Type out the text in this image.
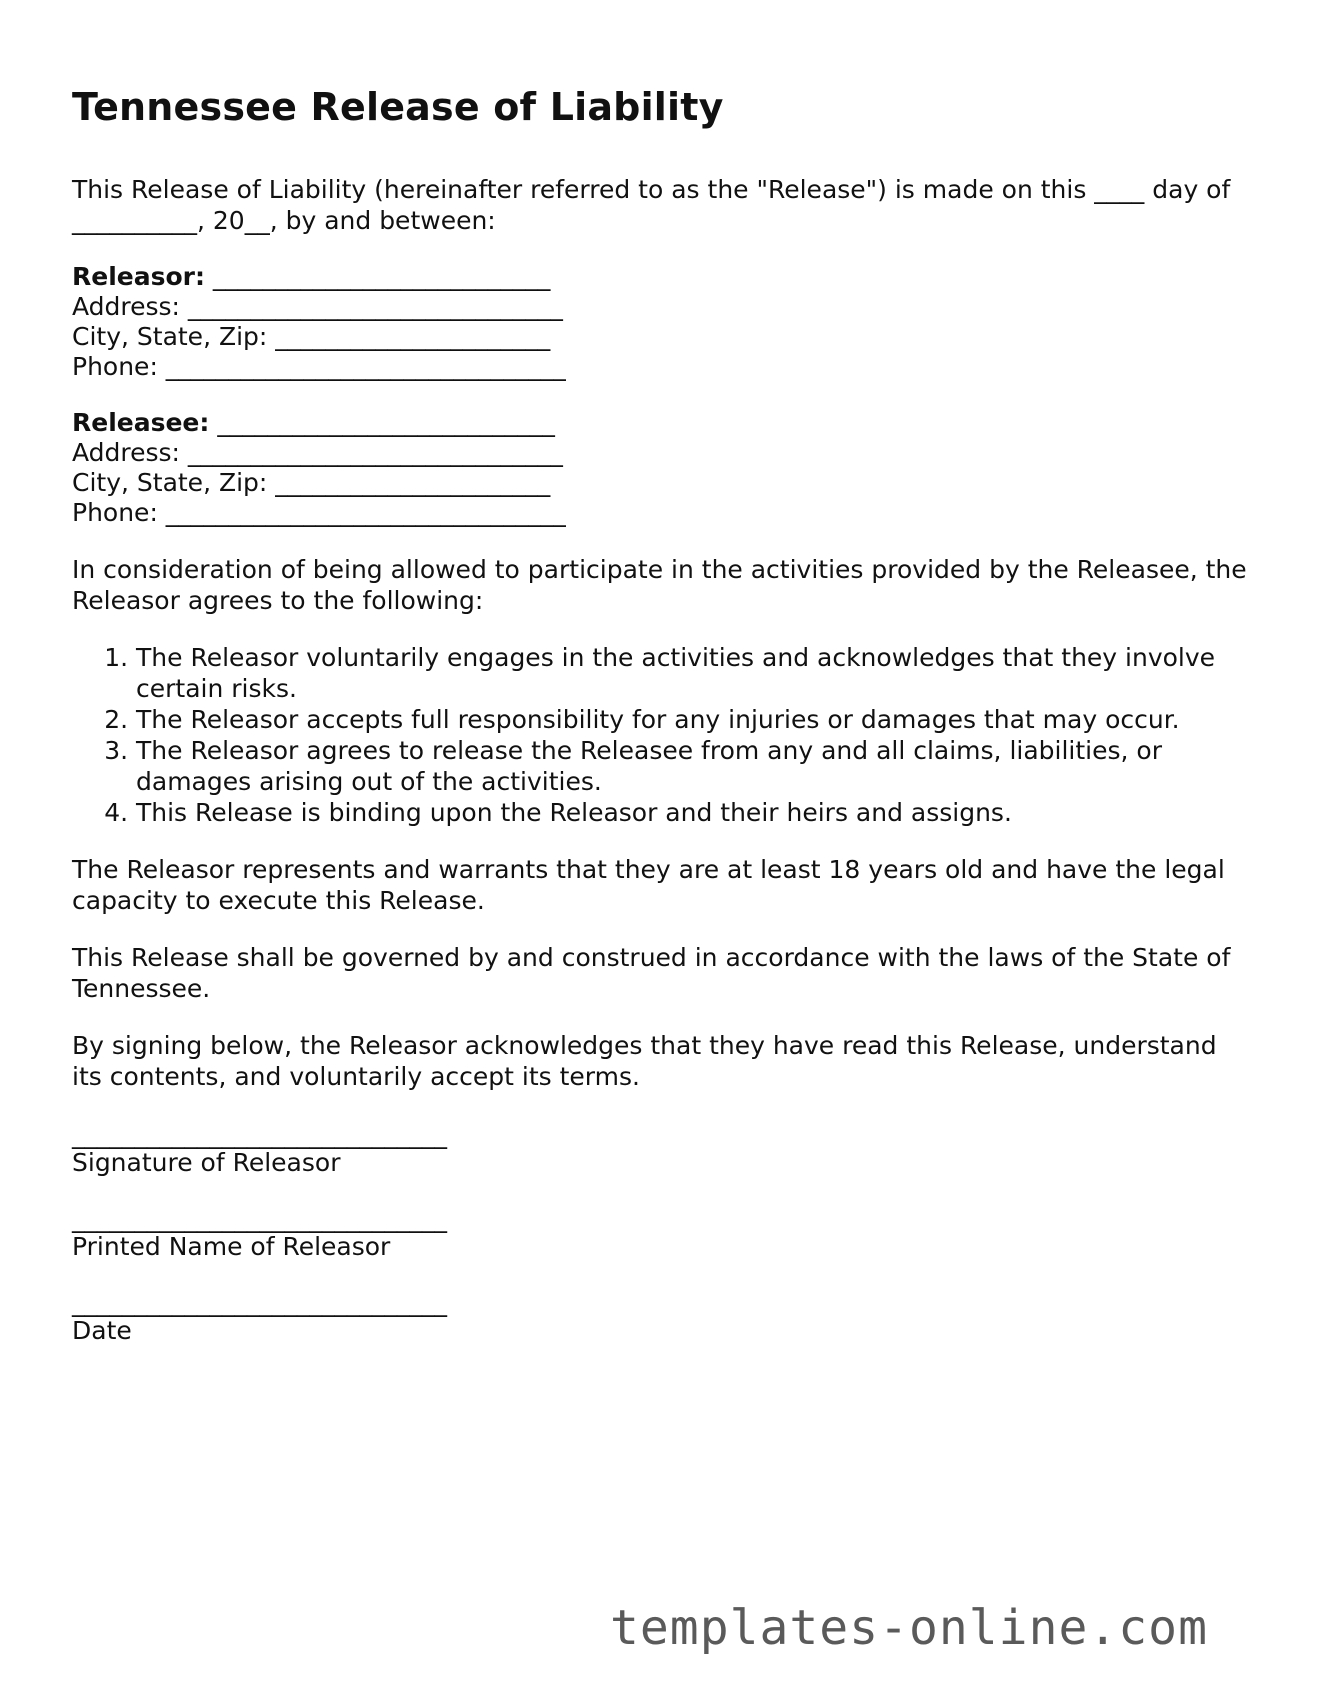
Tennessee Release of Liability

This Release of Liability (hereinafter referred to as the "Release") is made on this ____ day of __________, 20__, by and between:

Releasor: ___________________________
Address: ______________________________
City, State, Zip: ______________________
Phone: ________________________________
Releasee: ___________________________
Address: ______________________________
City, State, Zip: ______________________
Phone: ________________________________

In consideration of being allowed to participate in the activities provided by the Releasee, the Releasor agrees to the following:

1. The Releasor voluntarily engages in the activities and acknowledges that they involve certain risks.
2. The Releasor accepts full responsibility for any injuries or damages that may occur.
3. The Releasor agrees to release the Releasee from any and all claims, liabilities, or damages arising out of the activities.
4. This Release is binding upon the Releasor and their heirs and assigns.

The Releasor represents and warrants that they are at least 18 years old and have the legal capacity to execute this Release.

This Release shall be governed by and construed in accordance with the laws of the State of Tennessee.

By signing below, the Releasor acknowledges that they have read this Release, understand its contents, and voluntarily accept its terms.

______________________________
Signature of Releasor
______________________________
Printed Name of Releasor
______________________________
Date
templates-online.com
